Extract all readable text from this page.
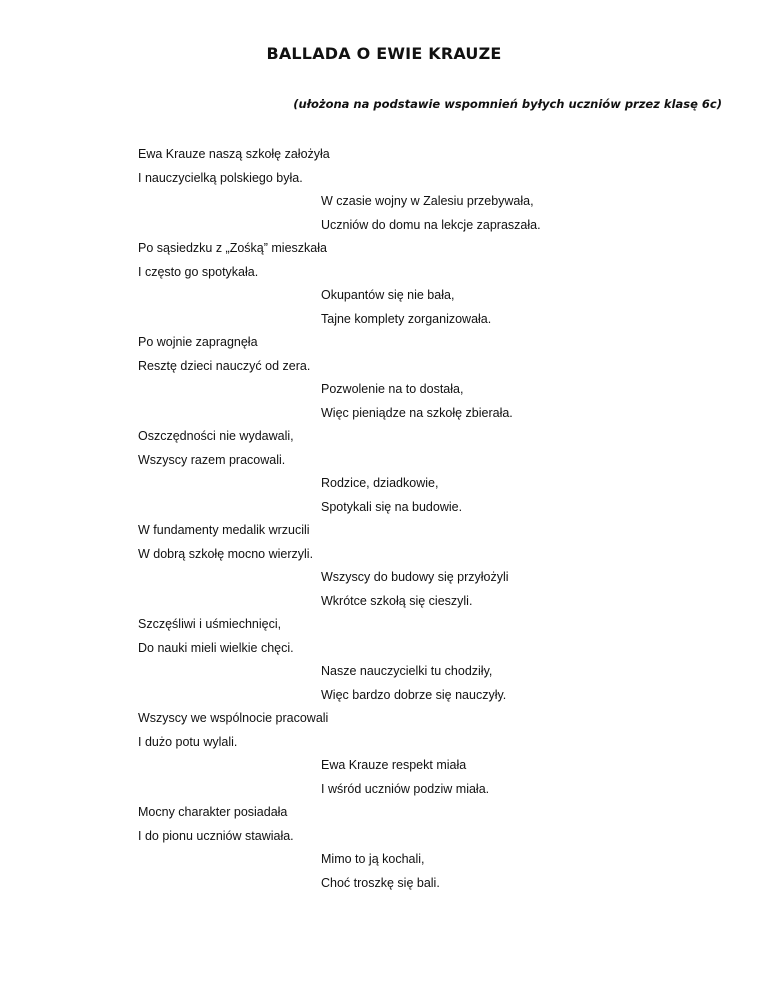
BALLADA O EWIE KRAUZE
(ułożona na podstawie wspomnień byłych uczniów przez klasę 6c)
Ewa Krauze naszą szkołę założyła
I nauczycielką polskiego była.
W czasie wojny w Zalesiu przebywała,
Uczniów do domu na lekcje zapraszała.
Po sąsiedzku z „Zośką” mieszkała
I często go spotykała.
Okupantów się nie bała,
Tajne komplety zorganizowała.
Po wojnie zapragnęła
Resztę dzieci nauczyć od zera.
Pozwolenie na to dostała,
Więc pieniądze na szkołę zbierała.
Oszczędności nie wydawali,
Wszyscy razem pracowali.
Rodzice, dziadkowie,
Spotykali się na budowie.
W fundamenty medalik wrzucili
W dobrą szkołę mocno wierzyli.
Wszyscy do budowy się przyłożyli
Wkrótce szkołą się cieszyli.
Szczęśliwi i uśmiechnięci,
Do nauki mieli wielkie chęci.
Nasze nauczycielki tu chodziły,
Więc bardzo dobrze się nauczyły.
Wszyscy we wspólnocie pracowali
I dużo potu wylali.
Ewa Krauze respekt miała
I wśród uczniów podziw miała.
Mocny charakter posiadała
I do pionu uczniów stawiała.
Mimo to ją kochali,
Choć troszkę się bali.
